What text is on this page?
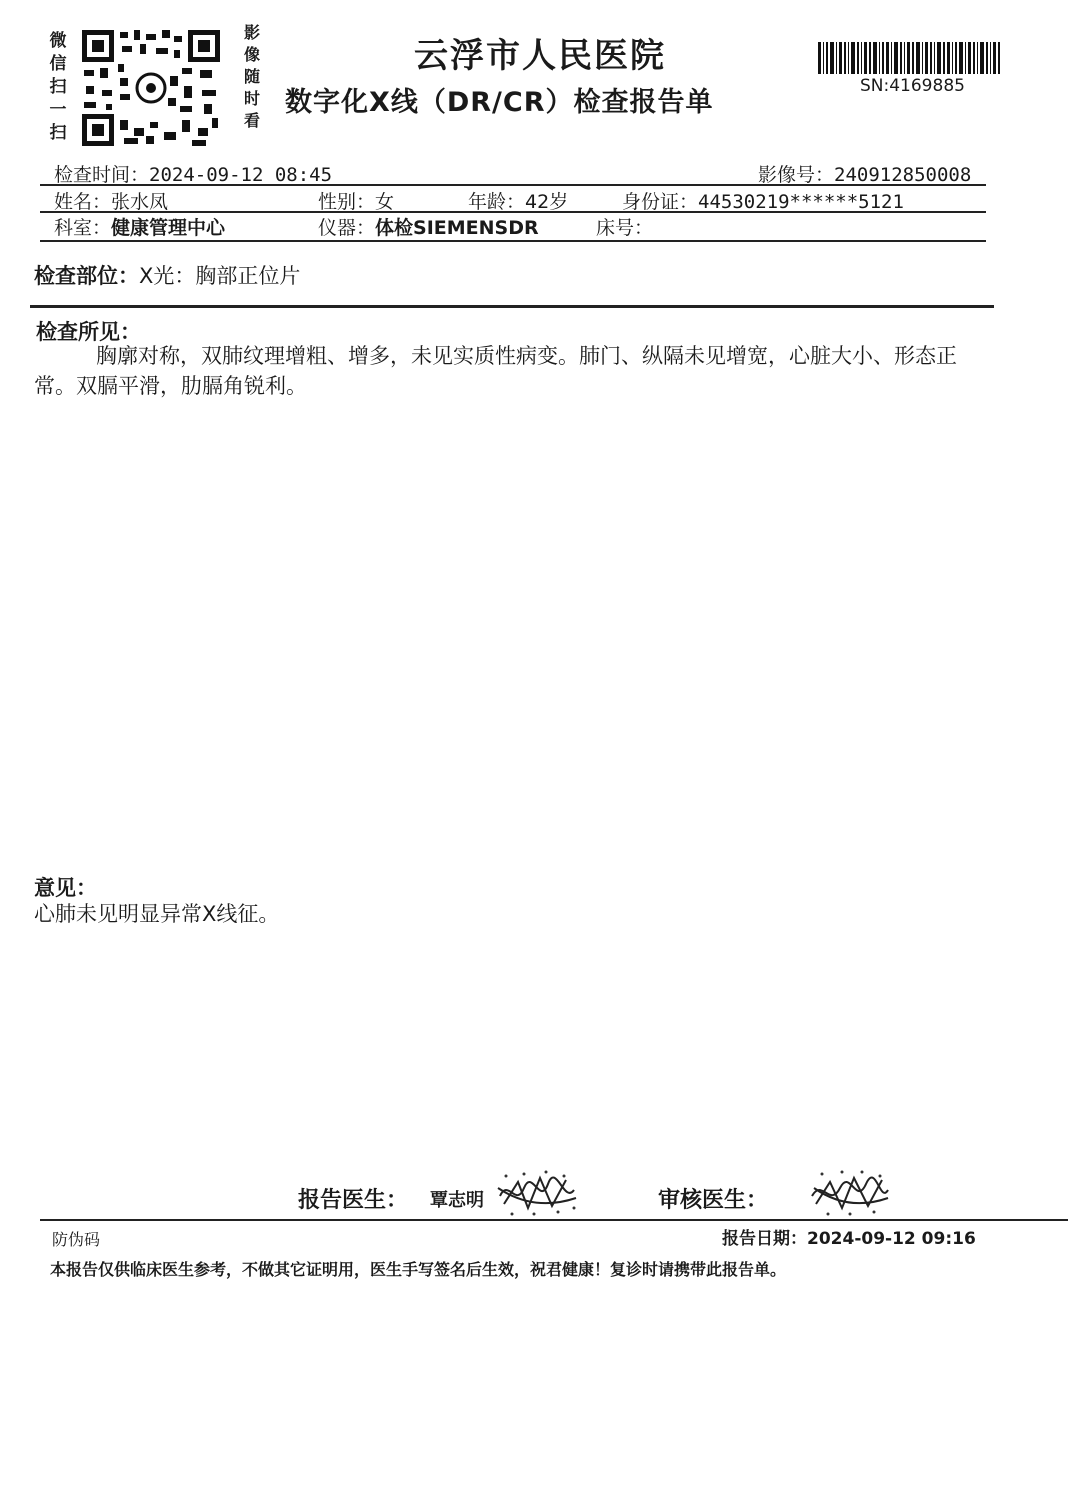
微信扫一扫
影像随时看
云浮市人民医院
数字化X线（DR/CR）检查报告单
SN:4169885
检查时间：2024-09-12 08:45	影像号：240912850008
姓名：张水凤	性别：女	年龄：42岁	身份证：44530219******5121
科室：健康管理中心	仪器：体检SIEMENSDR	床号：
检查部位：X光：胸部正位片
检查所见：
胸廓对称，双肺纹理增粗、增多，未见实质性病变。肺门、纵隔未见增宽，心脏大小、形态正常。双膈平滑，肋膈角锐利。
意见：
心肺未见明显异常X线征。
报告医生： 覃志明	审核医生：
防伪码	报告日期：2024-09-12 09:16
本报告仅供临床医生参考，不做其它证明用，医生手写签名后生效，祝君健康！复诊时请携带此报告单。
